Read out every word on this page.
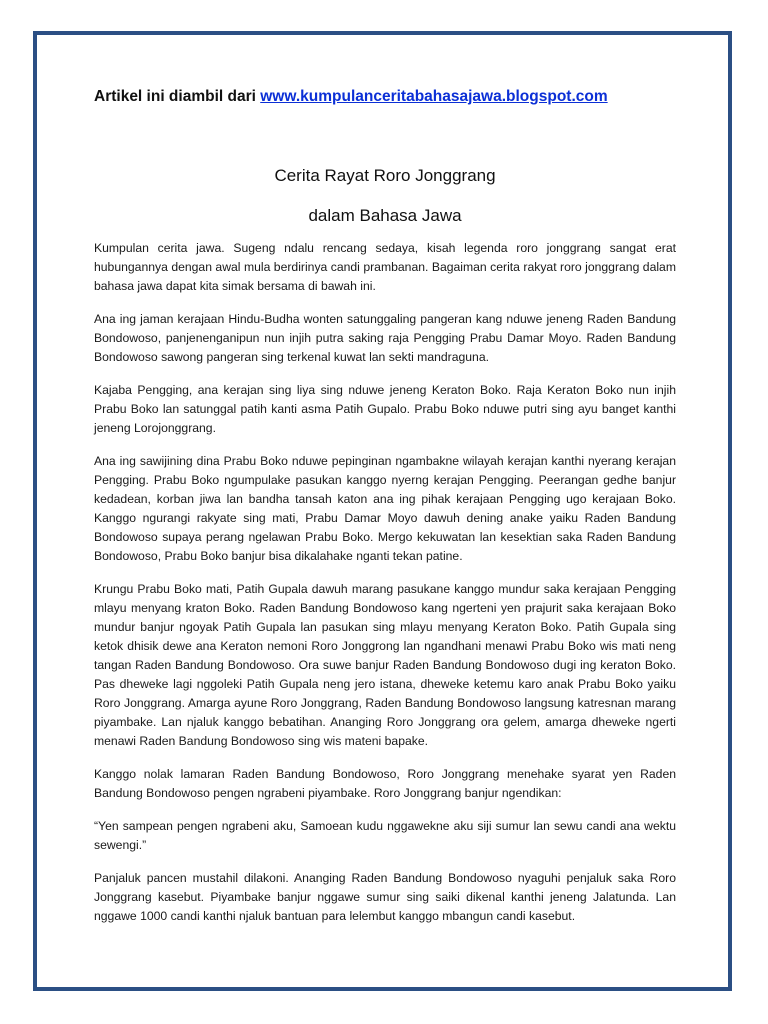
Artikel ini diambil dari www.kumpulanceritabahasajawa.blogspot.com
Cerita Rayat Roro Jonggrang
dalam Bahasa Jawa

Kumpulan cerita jawa. Sugeng ndalu rencang sedaya, kisah legenda roro jonggrang sangat erat hubungannya dengan awal mula berdirinya candi prambanan. Bagaiman cerita rakyat roro jonggrang dalam bahasa jawa dapat kita simak bersama di bawah ini.

Ana ing jaman kerajaan Hindu-Budha wonten satunggaling pangeran kang nduwe jeneng Raden Bandung Bondowoso, panjenenganipun nun injih putra saking raja Pengging Prabu Damar Moyo. Raden Bandung Bondowoso sawong pangeran sing terkenal kuwat lan sekti mandraguna.

Kajaba Pengging, ana kerajan sing liya sing nduwe jeneng Keraton Boko. Raja Keraton Boko nun injih Prabu Boko lan satunggal patih kanti asma Patih Gupalo. Prabu Boko nduwe putri sing ayu banget kanthi jeneng Lorojonggrang.

Ana ing sawijining dina Prabu Boko nduwe pepinginan ngambakne wilayah kerajan kanthi nyerang kerajan Pengging. Prabu Boko ngumpulake pasukan kanggo nyerng kerajan Pengging. Peerangan gedhe banjur kedadean, korban jiwa lan bandha tansah katon ana ing pihak kerajaan Pengging ugo kerajaan Boko. Kanggo ngurangi rakyate sing mati, Prabu Damar Moyo dawuh dening anake yaiku Raden Bandung Bondowoso supaya perang ngelawan Prabu Boko. Mergo kekuwatan lan kesektian saka Raden Bandung Bondowoso, Prabu Boko banjur bisa dikalahake nganti tekan patine.

Krungu Prabu Boko mati, Patih Gupala dawuh marang pasukane kanggo mundur saka kerajaan Pengging mlayu menyang kraton Boko. Raden Bandung Bondowoso kang ngerteni yen prajurit saka kerajaan Boko mundur banjur ngoyak Patih Gupala lan pasukan sing mlayu menyang Keraton Boko. Patih Gupala sing ketok dhisik dewe ana Keraton nemoni Roro Jonggrong lan ngandhani menawi Prabu Boko wis mati neng tangan Raden Bandung Bondowoso. Ora suwe banjur Raden Bandung Bondowoso dugi ing keraton Boko. Pas dheweke lagi nggoleki Patih Gupala neng jero istana, dheweke ketemu karo anak Prabu Boko yaiku Roro Jonggrang. Amarga ayune Roro Jonggrang, Raden Bandung Bondowoso langsung katresnan marang piyambake. Lan njaluk kanggo bebatihan. Ananging Roro Jonggrang ora gelem, amarga dheweke ngerti menawi Raden Bandung Bondowoso sing wis mateni bapake.

Kanggo nolak lamaran Raden Bandung Bondowoso, Roro Jonggrang menehake syarat yen Raden Bandung Bondowoso pengen ngrabeni piyambake. Roro Jonggrang banjur ngendikan:

“Yen sampean pengen ngrabeni aku, Samoean kudu nggawekne aku siji sumur lan sewu candi ana wektu sewengi.”

Panjaluk pancen mustahil dilakoni. Ananging Raden Bandung Bondowoso nyaguhi penjaluk saka Roro Jonggrang kasebut. Piyambake banjur nggawe sumur sing saiki dikenal kanthi jeneng Jalatunda. Lan nggawe 1000 candi kanthi njaluk bantuan para lelembut kanggo mbangun candi kasebut.
